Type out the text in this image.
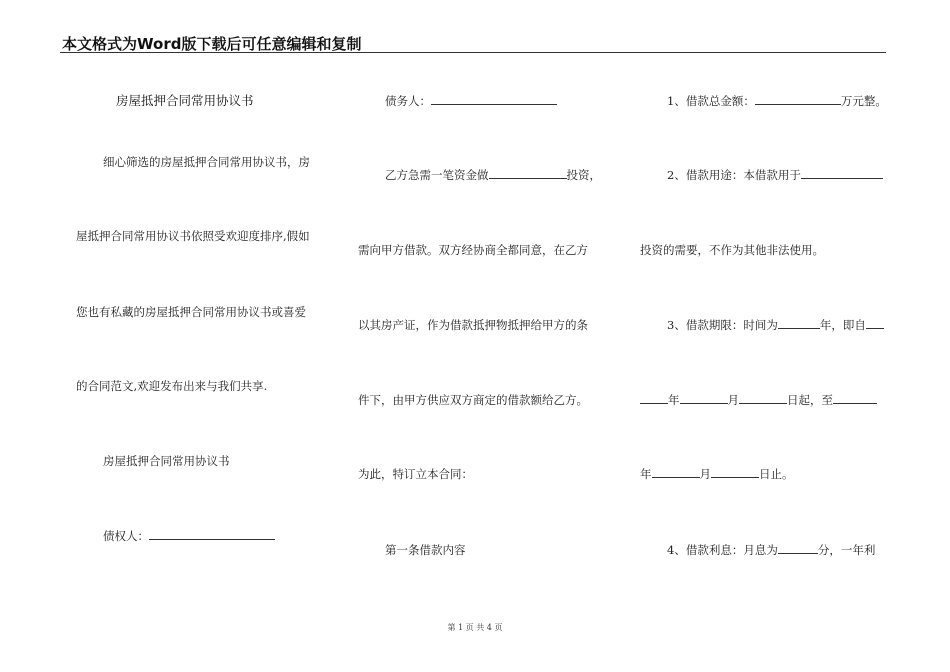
本文格式为Word版下载后可任意编辑和复制
房屋抵押合同常用协议书
细心筛选的房屋抵押合同常用协议书，房
屋抵押合同常用协议书依照受欢迎度排序,假如
您也有私藏的房屋抵押合同常用协议书或喜爱
的合同范文,欢迎发布出来与我们共享.
房屋抵押合同常用协议书
债权人：
债务人：
乙方急需一笔资金做	投资，
需向甲方借款。双方经协商全都同意，在乙方
以其房产证，作为借款抵押物抵押给甲方的条
件下，由甲方供应双方商定的借款额给乙方。
为此，特订立本合同：
第一条借款内容
1、借款总金额：	万元整。
2、借款用途：本借款用于
投资的需要，不作为其他非法使用。
3、借款期限：时间为	年，即自
年	月	日起，至
年	月	日止。
4、借款利息：月息为	分，一年利
第 1 页 共 4 页
